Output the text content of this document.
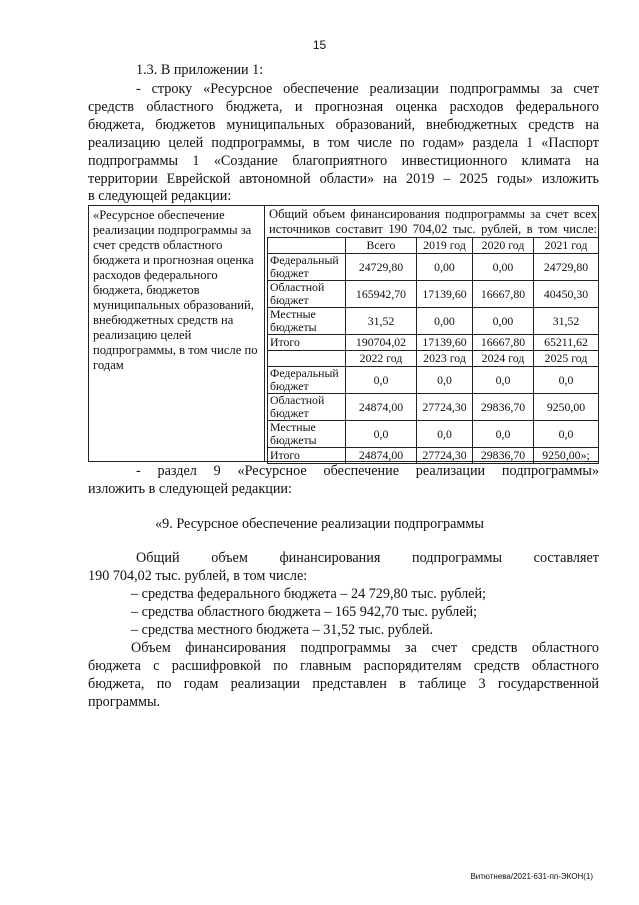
15
1.3. В приложении 1:
- строку «Ресурсное обеспечение реализации подпрограммы за счет
средств областного бюджета, и прогнозная оценка расходов федерального
бюджета, бюджетов муниципальных образований, внебюджетных средств на
реализацию целей подпрограммы, в том числе по годам» раздела 1 «Паспорт
подпрограммы 1 «Создание благоприятного инвестиционного климата на
территории Еврейской автономной области» на 2019 – 2025 годы» изложить
в следующей редакции:
«Ресурсное обеспечение реализации подпрограммы за счет средств областного бюджета и прогнозная оценка расходов федерального бюджета, бюджетов муниципальных образований, внебюджетных средств на реализацию целей подпрограммы, в том числе по годам
Общий объем финансирования подпрограммы за счет всех
источников составит 190 704,02 тыс. рублей, в том числе:
	Всего	2019 год	2020 год	2021 год
Федеральный бюджет	24729,80	0,00	0,00	24729,80
Областной бюджет	165942,70	17139,60	16667,80	40450,30
Местные бюджеты	31,52	0,00	0,00	31,52
Итого	190704,02	17139,60	16667,80	65211,62
	2022 год	2023 год	2024 год	2025 год
Федеральный бюджет	0,0	0,0	0,0	0,0
Областной бюджет	24874,00	27724,30	29836,70	9250,00
Местные бюджеты	0,0	0,0	0,0	0,0
Итого	24874,00	27724,30	29836,70	9250,00»;
- раздел 9 «Ресурсное обеспечение реализации подпрограммы»
изложить в следующей редакции:
«9. Ресурсное обеспечение реализации подпрограммы
Общий объем финансирования подпрограммы составляет
190 704,02 тыс. рублей, в том числе:
– средства федерального бюджета – 24 729,80 тыс. рублей;
– средства областного бюджета – 165 942,70 тыс. рублей;
– средства местного бюджета – 31,52 тыс. рублей.
Объем финансирования подпрограммы за счет средств областного
бюджета с расшифровкой по главным распорядителям средств областного
бюджета, по годам реализации представлен в таблице 3 государственной
программы.
Витютнева/2021-631-пп-ЭКОН(1)
